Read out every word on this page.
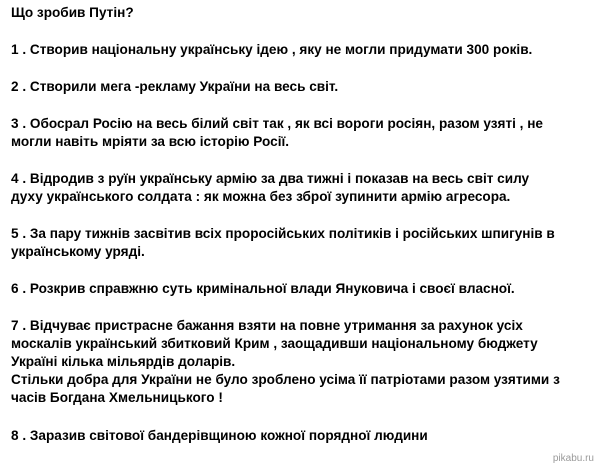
Що зробив Путін?

1 . Створив національну українську ідею , яку не могли придумати 300 років.

2 . Створили мега -рекламу України на весь світ.

3 . Обосрал Росію на весь білий світ так , як всі вороги росіян, разом узяті , не

могли навіть мріяти за всю історію Росії.

4 . Відродив з руїн українську армію за два тижні і показав на весь світ силу

духу українського солдата : як можна без зброї зупинити армію агресора.

5 . За пару тижнів засвітив всіх проросійських політиків і російських шпигунів в

українському уряді.

6 . Розкрив справжню суть кримінальної влади Януковича і своєї власної.

7 . Відчуває пристрасне бажання взяти на повне утримання за рахунок усіх

москалів український збитковий Крим , заощадивши національному бюджету

Україні кілька мільярдів доларів.

Стільки добра для України не було зроблено усіма її патріотами разом узятими з

часів Богдана Хмельницького !

8 . Заразив світової бандерівщиною кожної порядної людини

pikabu.ru
